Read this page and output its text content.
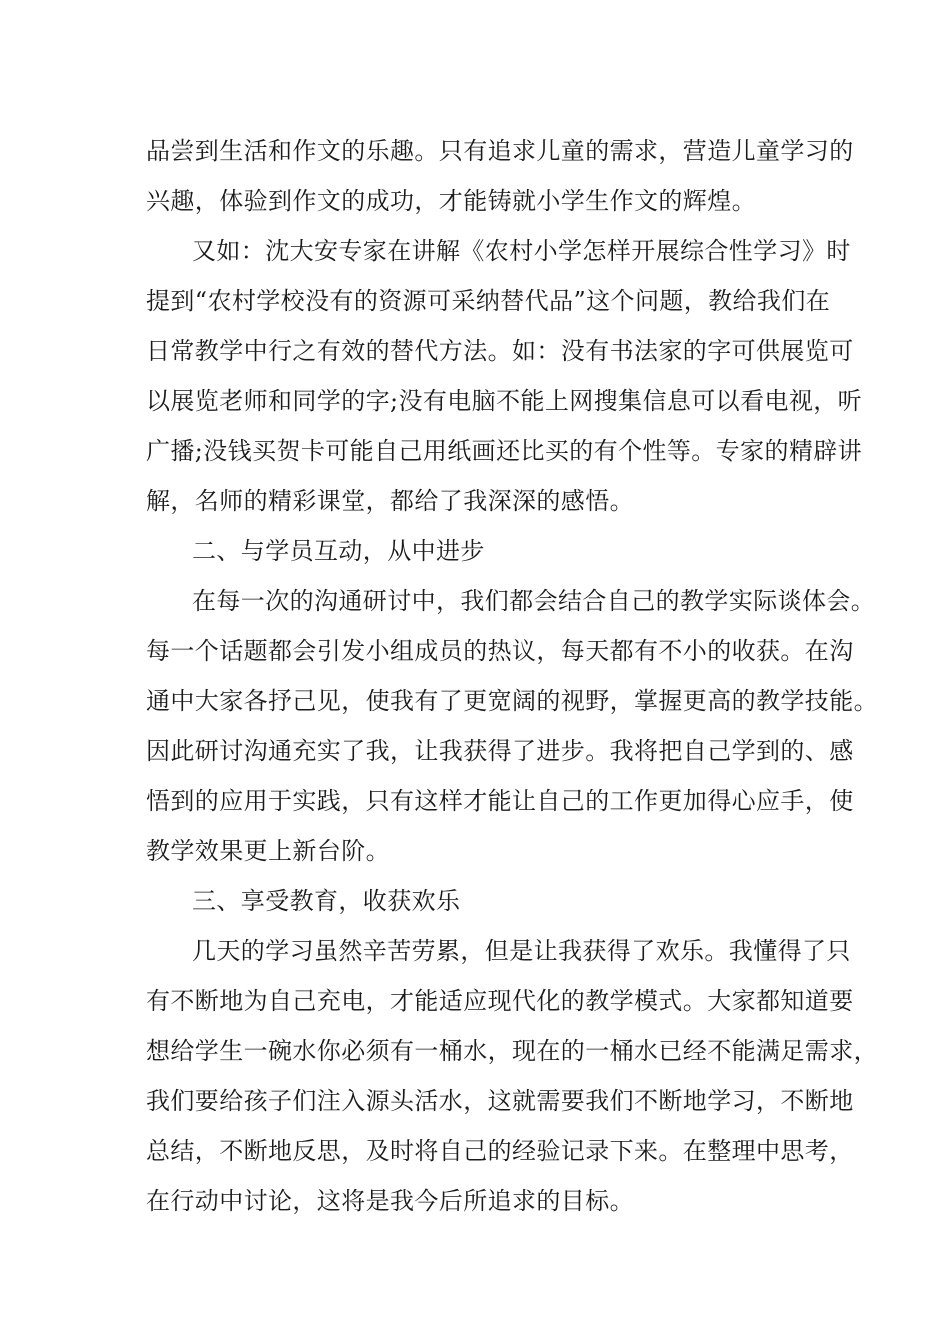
品尝到生活和作文的乐趣。只有追求儿童的需求，营造儿童学习的
兴趣，体验到作文的成功，才能铸就小学生作文的辉煌。
又如：沈大安专家在讲解《农村小学怎样开展综合性学习》时
提到“农村学校没有的资源可采纳替代品”这个问题，教给我们在
日常教学中行之有效的替代方法。如：没有书法家的字可供展览可
以展览老师和同学的字;没有电脑不能上网搜集信息可以看电视，听
广播;没钱买贺卡可能自己用纸画还比买的有个性等。专家的精辟讲
解，名师的精彩课堂，都给了我深深的感悟。
二、与学员互动，从中进步
在每一次的沟通研讨中，我们都会结合自己的教学实际谈体会。
每一个话题都会引发小组成员的热议，每天都有不小的收获。在沟
通中大家各抒己见，使我有了更宽阔的视野，掌握更高的教学技能。
因此研讨沟通充实了我，让我获得了进步。我将把自己学到的、感
悟到的应用于实践，只有这样才能让自己的工作更加得心应手，使
教学效果更上新台阶。
三、享受教育，收获欢乐
几天的学习虽然辛苦劳累，但是让我获得了欢乐。我懂得了只
有不断地为自己充电，才能适应现代化的教学模式。大家都知道要
想给学生一碗水你必须有一桶水，现在的一桶水已经不能满足需求，
我们要给孩子们注入源头活水，这就需要我们不断地学习，不断地
总结，不断地反思，及时将自己的经验记录下来。在整理中思考，
在行动中讨论，这将是我今后所追求的目标。
